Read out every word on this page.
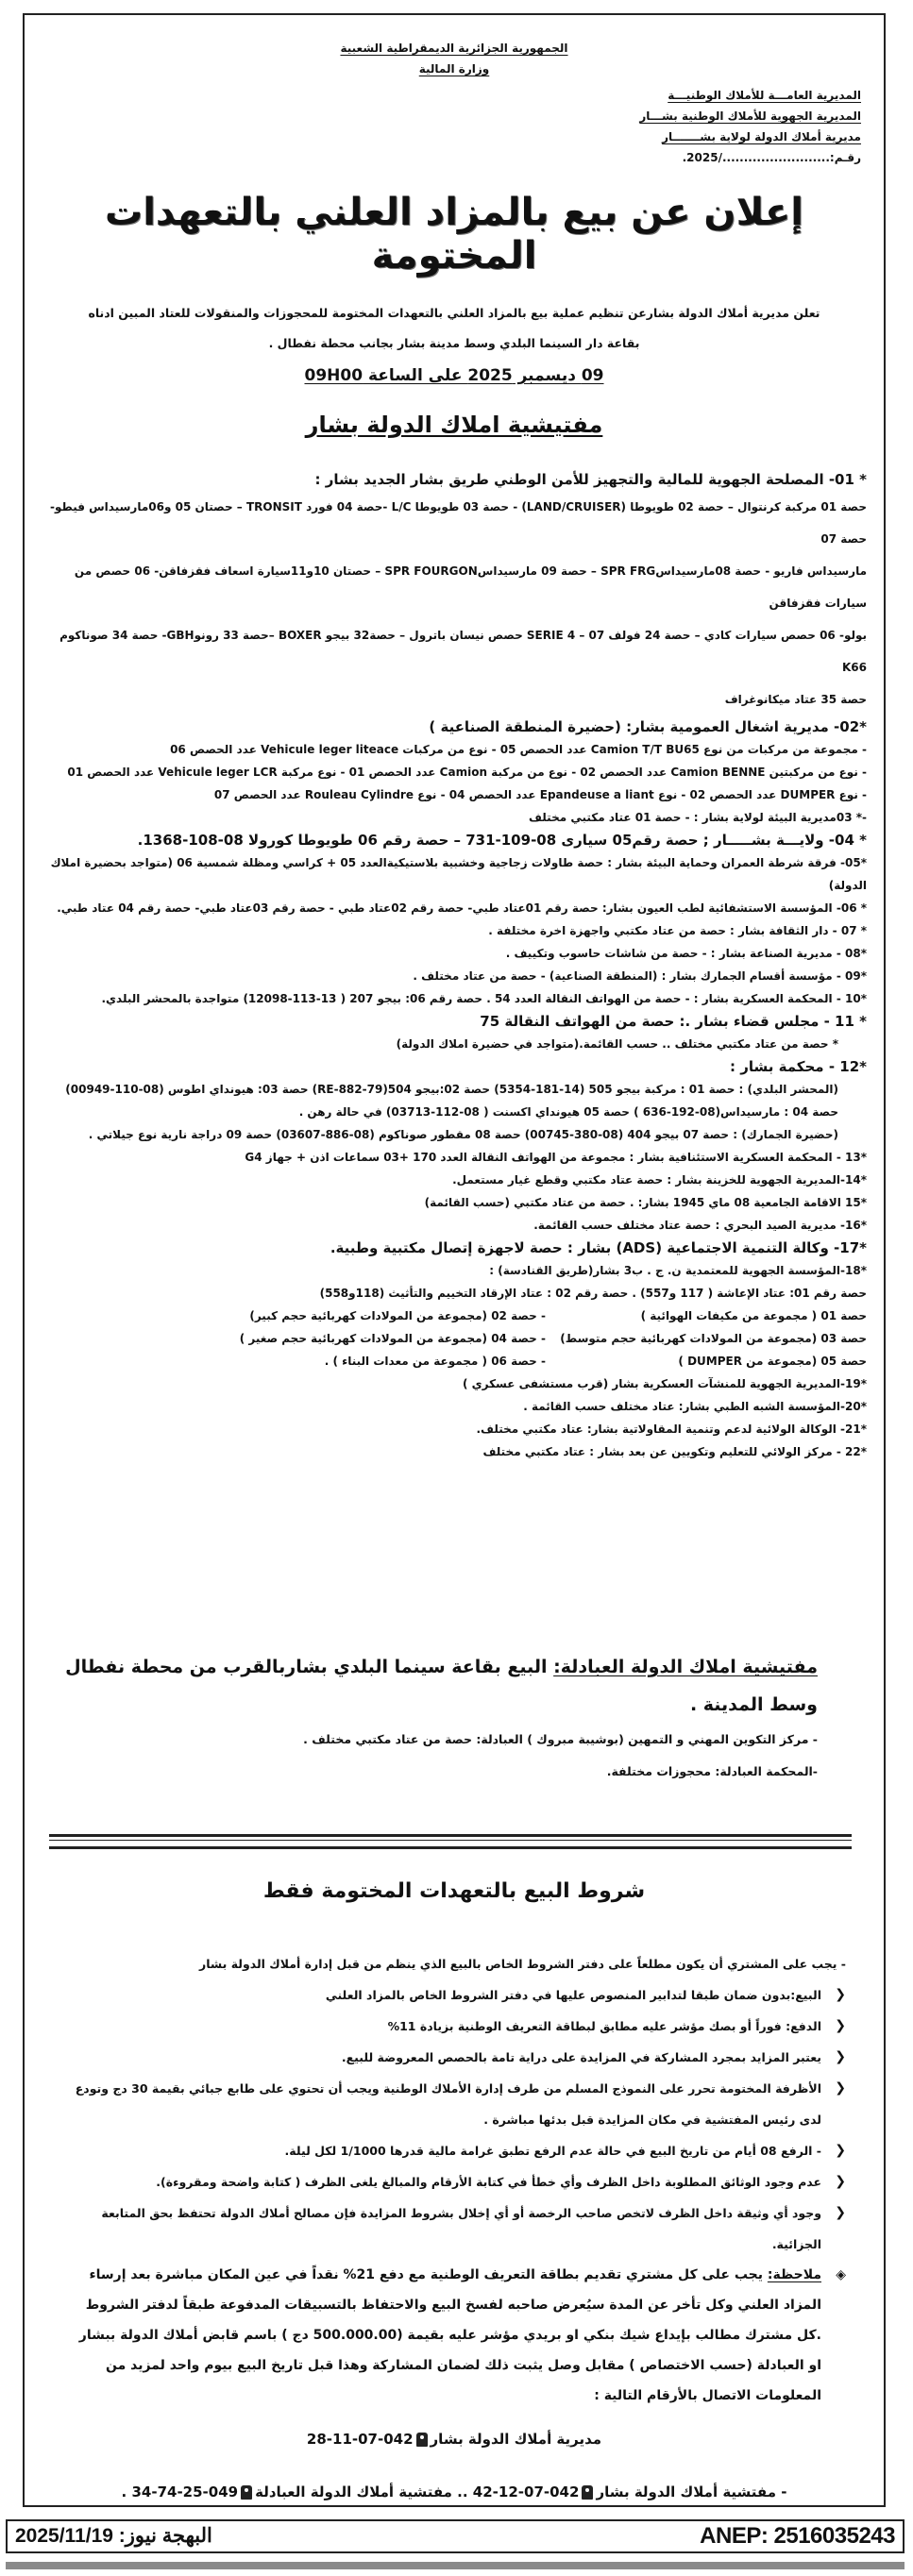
الجمهورية الجزائرية الديمقراطية الشعبية
وزارة المالية
المديرية العامـــة للأملاك الوطنيـــة
المديرية الجهوية للأملاك الوطنية بشـــار
مديرية أملاك الدولة لولاية بشـــــــار
رقـم:........................./2025.
إعلان عن بيع بالمزاد العلني بالتعهدات المختومة
تعلن مديرية أملاك الدولة بشارعن تنظيم عملية بيع بالمزاد العلني بالتعهدات المختومة للمحجوزات والمنقولات للعتاد المبين ادناه
بقاعة دار السينما البلدي وسط مدينة بشار بجانب محطة نفطال .
09 ديسمبر 2025 على الساعة 09H00
مفتيشية املاك الدولة بشار
* 01- المصلحة الجهوية للمالية والتجهيز للأمن الوطني طريق بشار الجديد بشار :
حصة 01 مركبة كرنتوال – حصة 02 طويوطا (LAND/CRUISER) - حصة 03 طويوطا L/C -حصة 04 فورد TRONSIT – حصتان 05 و06مارسيداس فيطو- حصة 07
مارسيداس فاريو - حصة 08مارسيداسSPR FRG – حصة 09 مارسيداسSPR FOURGON – حصتان 10و11سيارة اسعاف فقزفاقن- 06 حصص من سيارات فقزفاقن
بولو- 06 حصص سيارات كادي – حصة 24 فولف SERIE 4 – 07 حصص نيسان باترول – حصة32 بيجو BOXER –حصة 33 رونوGBH- حصة 34 صوناكوم K66
حصة 35 عتاد ميكانوغراف
*02- مديرية اشغال العمومية بشار: (حضيرة المنطقة الصناعية )
- مجموعة من مركبات من نوع Camion T/T BU65 عدد الحصص 05 - نوع من مركبات Vehicule leger liteace عدد الحصص 06
- نوع من مركبتين Camion BENNE عدد الحصص 02 - نوع من مركبة Camion عدد الحصص 01 - نوع مركبة Vehicule leger LCR عدد الحصص 01
- نوع DUMPER عدد الحصص 02 - نوع Epandeuse a liant عدد الحصص 04 - نوع Rouleau Cylindre عدد الحصص 07
-* 03مديرية البيئة لولاية بشار : - حصة 01 عتاد مكتبي مختلف
* 04- ولايـــة بشـــــار ; حصة رقم05 سيارى 08-109-731 – حصة رقم 06 طويوطا كورولا 08-108-1368.
*05- فرقة شرطة العمران وحماية البيئة بشار : حصة طاولات زجاجية وخشبية بلاستيكيةالعدد 05 + كراسي ومظلة شمسية 06 (متواجد بحضيرة املاك الدولة)
* 06- المؤسسة الاستشفائية لطب العيون بشار: حصة رقم 01عتاد طبي- حصة رقم 02عتاد طبي - حصة رقم 03عتاد طبي- حصة رقم 04 عتاد طبي.
* 07 - دار الثقافة بشار : حصة من عتاد مكتبي واجهزة اخرة مختلفة .
*08 - مديرية الصناعة بشار : - حصة من شاشات حاسوب وتكييف .
*09 - مؤسسة أقسام الجمارك بشار : (المنطقة الصناعية) - حصة من عتاد مختلف .
*10 - المحكمة العسكرية بشار : - حصة من الهواتف النقالة العدد 54 . حصة رقم 06: بيجو 207 ( 13-113-12098) متواجدة بالمحشر البلدي.
* 11 - مجلس قضاء بشار .: حصة من الهواتف النقالة 75
* حصة من عتاد مكتبي مختلف .. حسب القائمة.(متواجد في حضيرة املاك الدولة)
*12 - محكمة بشار :
(المحشر البلدي) : حصة 01 : مركبة بيجو 505 (14-181-5354) حصة 02:بيجو 504(79-RE-882) حصة 03: هيونداي اطوس (08-110-00949)
حصة 04 : مارسيداس(08-192-636 ) حصة 05 هيونداي اكسنت ( 08-112-03713) في حالة رهن .
(حضيرة الجمارك) : حصة 07 بيجو 404 (08-380-00745) حصة 08 مقطور صوناكوم (08-886-03607) حصة 09 دراجة نارية نوع جيلاتي .
*13 - المحكمة العسكرية الاستئنافية بشار : مجموعة من الهواتف النقالة العدد 170 +03 سماعات اذن + جهاز G4
*14-المديرية الجهوية للخزينة بشار : حصة عتاد مكتبي وقطع غيار مستعمل.
*15 الاقامة الجامعية 08 ماي 1945 بشار: . حصة من عتاد مكتبي (حسب القائمة)
*16- مديرية الصيد البحري : حصة عتاد مختلف حسب القائمة.
*17- وكالة التنمية الاجتماعية (ADS) بشار : حصة لاجهزة إتصال مكتبية وطبية.
*18-المؤسسة الجهوية للمعتمدية ن. ج . ب3 بشار(طريق القنادسة) :
حصة رقم 01: عتاد الإعاشة ( 117 و557) . حصة رقم 02 : عتاد الإرقاد التخييم والتأثيث (118و558)
حصة 01 ( مجموعة من مكيفات الهوائية )
- حصة 02 (مجموعة من المولادات كهربائية حجم كبير)
حصة 03 (مجموعة من المولادات كهربائية حجم متوسط)
- حصة 04 (مجموعة من المولادات كهربائية حجم صغير )
حصة 05 (مجموعة من DUMPER )
- حصة 06 ( مجموعة من معدات البناء ) .
*19-المديرية الجهوية للمنشآت العسكرية بشار (قرب مستشفى عسكري )
*20-المؤسسة الشبه الطبي بشار: عتاد مختلف حسب القائمة .
*21- الوكالة الولائية لدعم وتنمية المقاولاتية بشار: عتاد مكتبي مختلف.
*22 - مركز الولائي للتعليم وتكويين عن بعد بشار : عتاد مكتبي مختلف
مفتيشية املاك الدولة العبادلة: البيع بقاعة سينما البلدي بشاربالقرب من محطة نفطال وسط المدينة .
- مركز التكوين المهني و التمهين (بوشيبة مبروك ) العبادلة: حصة من عتاد مكتبي مختلف .
-المحكمة العبادلة: محجوزات مختلفة.
شروط البيع بالتعهدات المختومة فقط
- يجب على المشتري أن يكون مطلعاً على دفتر الشروط الخاص بالبيع الذي ينظم من قبل إدارة أملاك الدولة بشار
❮
البيع:بدون ضمان طبقا لتدابير المنصوص عليها في دفتر الشروط الخاص بالمزاد العلني
❮
الدفع: فوراً أو بصك مؤشر عليه مطابق لبطاقة التعريف الوطنية بزيادة 11%
❮
يعتبر المزايد بمجرد المشاركة في المزايدة على دراية تامة بالحصص المعروضة للبيع.
❮
الأظرفة المختومة تحرر على النموذج المسلم من طرف إدارة الأملاك الوطنية ويجب أن تحتوي على طابع جبائي بقيمة 30 دج وتودع لدى رئيس المفتشية في مكان المزايدة قبل بدئها مباشرة .
❮
- الرفع 08 أيام من تاريخ البيع في حالة عدم الرفع تطبق غرامة مالية قدرها 1/1000 لكل ليلة.
❮
عدم وجود الوثائق المطلوبة داخل الظرف وأي خطأ في كتابة الأرقام والمبالغ يلغى الظرف ( كتابة واضحة ومقروءة).
❮
وجود أي وثيقة داخل الظرف لاتخص صاحب الرخصة أو أي إخلال بشروط المزايدة فإن مصالح أملاك الدولة تحتفظ بحق المتابعة الجزائية.
◈
ملاحظة: يجب على كل مشتري تقديم بطاقة التعريف الوطنية مع دفع 21% نقداً في عين المكان مباشرة بعد إرساء المزاد العلني وكل تأخر عن المدة سيُعرض صاحبه لفسخ البيع والاحتفاظ بالتسبيقات المدفوعة طبقاً لدفتر الشروط .كل مشترك مطالب بإيداع شيك بنكي او بريدي مؤشر عليه بقيمة (500.000.00 دج ) باسم قابض أملاك الدولة ببشار او العبادلة (حسب الاختصاص ) مقابل وصل يثبت ذلك لضمان المشاركة وهذا قبل تاريخ البيع بيوم واحد لمزيد من المعلومات الاتصال بالأرقام التالية :
مديرية أملاك الدولة بشار042-07-11-28
- مفتشية أملاك الدولة بشار042-07-12-42 .. مفتشية أملاك الدولة العبادلة049-25-74-34 .
ANEP: 2516035243
البهجة نيوز: 2025/11/19
